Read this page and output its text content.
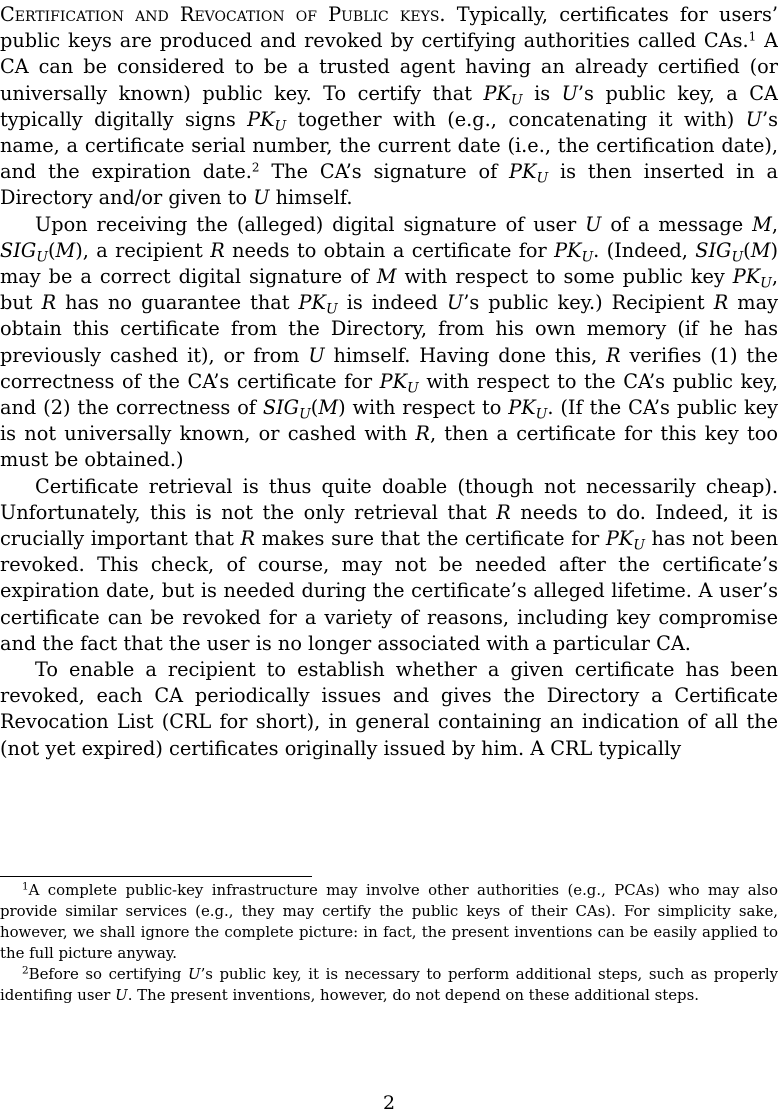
Certification and Revocation of Public keys. Typically, certificates for users’ public keys are produced and revoked by certifying authorities called CAs.$^1$ A CA can be considered to be a trusted agent having an already certified (or universally known) public key. To certify that $PK_U$ is U’s public key, a CA typically digitally signs $PK_U$ together with (e.g., concatenating it with) U’s name, a certificate serial number, the current date (i.e., the certification date), and the expiration date.$^2$ The CA’s signature of $PK_U$ is then inserted in a Directory and/or given to U himself.

Upon receiving the (alleged) digital signature of user U of a message M, $SIG_U(M)$, a recipient R needs to obtain a certificate for $PK_U$. (Indeed, $SIG_U(M)$ may be a correct digital signature of M with respect to some public key $PK_U$, but R has no guarantee that $PK_U$ is indeed U’s public key.) Recipient R may obtain this certificate from the Directory, from his own memory (if he has previously cashed it), or from U himself. Having done this, R verifies (1) the correctness of the CA’s certificate for $PK_U$ with respect to the CA’s public key, and (2) the correctness of $SIG_U(M)$ with respect to $PK_U$. (If the CA’s public key is not universally known, or cashed with R, then a certificate for this key too must be obtained.)

Certificate retrieval is thus quite doable (though not necessarily cheap). Unfortunately, this is not the only retrieval that R needs to do. Indeed, it is crucially important that R makes sure that the certificate for $PK_U$ has not been revoked. This check, of course, may not be needed after the certificate’s expiration date, but is needed during the certificate’s alleged lifetime. A user’s certificate can be revoked for a variety of reasons, including key compromise and the fact that the user is no longer associated with a particular CA.

To enable a recipient to establish whether a given certificate has been revoked, each CA periodically issues and gives the Directory a Certificate Revocation List (CRL for short), in general containing an indication of all the (not yet expired) certificates originally issued by him. A CRL typically

$^1$A complete public-key infrastructure may involve other authorities (e.g., PCAs) who may also provide similar services (e.g., they may certify the public keys of their CAs). For simplicity sake, however, we shall ignore the complete picture: in fact, the present inventions can be easily applied to the full picture anyway.

$^2$Before so certifying U’s public key, it is necessary to perform additional steps, such as properly identifing user U. The present inventions, however, do not depend on these additional steps.

2
